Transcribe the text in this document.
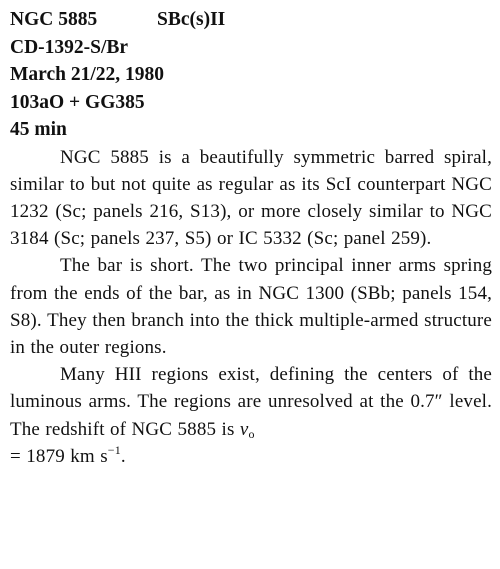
NGC 5885	SBc(s)II
CD-1392-S/Br
March 21/22, 1980
103aO + GG385
45 min

NGC 5885 is a beautifully symmetric barred spiral, similar to but not quite as regular as its ScI counterpart NGC 1232 (Sc; panels 216, S13), or more closely similar to NGC 3184 (Sc; panels 237, S5) or IC 5332 (Sc; panel 259).

The bar is short. The two principal inner arms spring from the ends of the bar, as in NGC 1300 (SBb; panels 154, S8). They then branch into the thick multiple-armed structure in the outer regions.

Many HII regions exist, defining the centers of the luminous arms. The regions are unresolved at the 0.7″ level. The redshift of NGC 5885 is $v_o$
= 1879 km $s^{-1}$.
